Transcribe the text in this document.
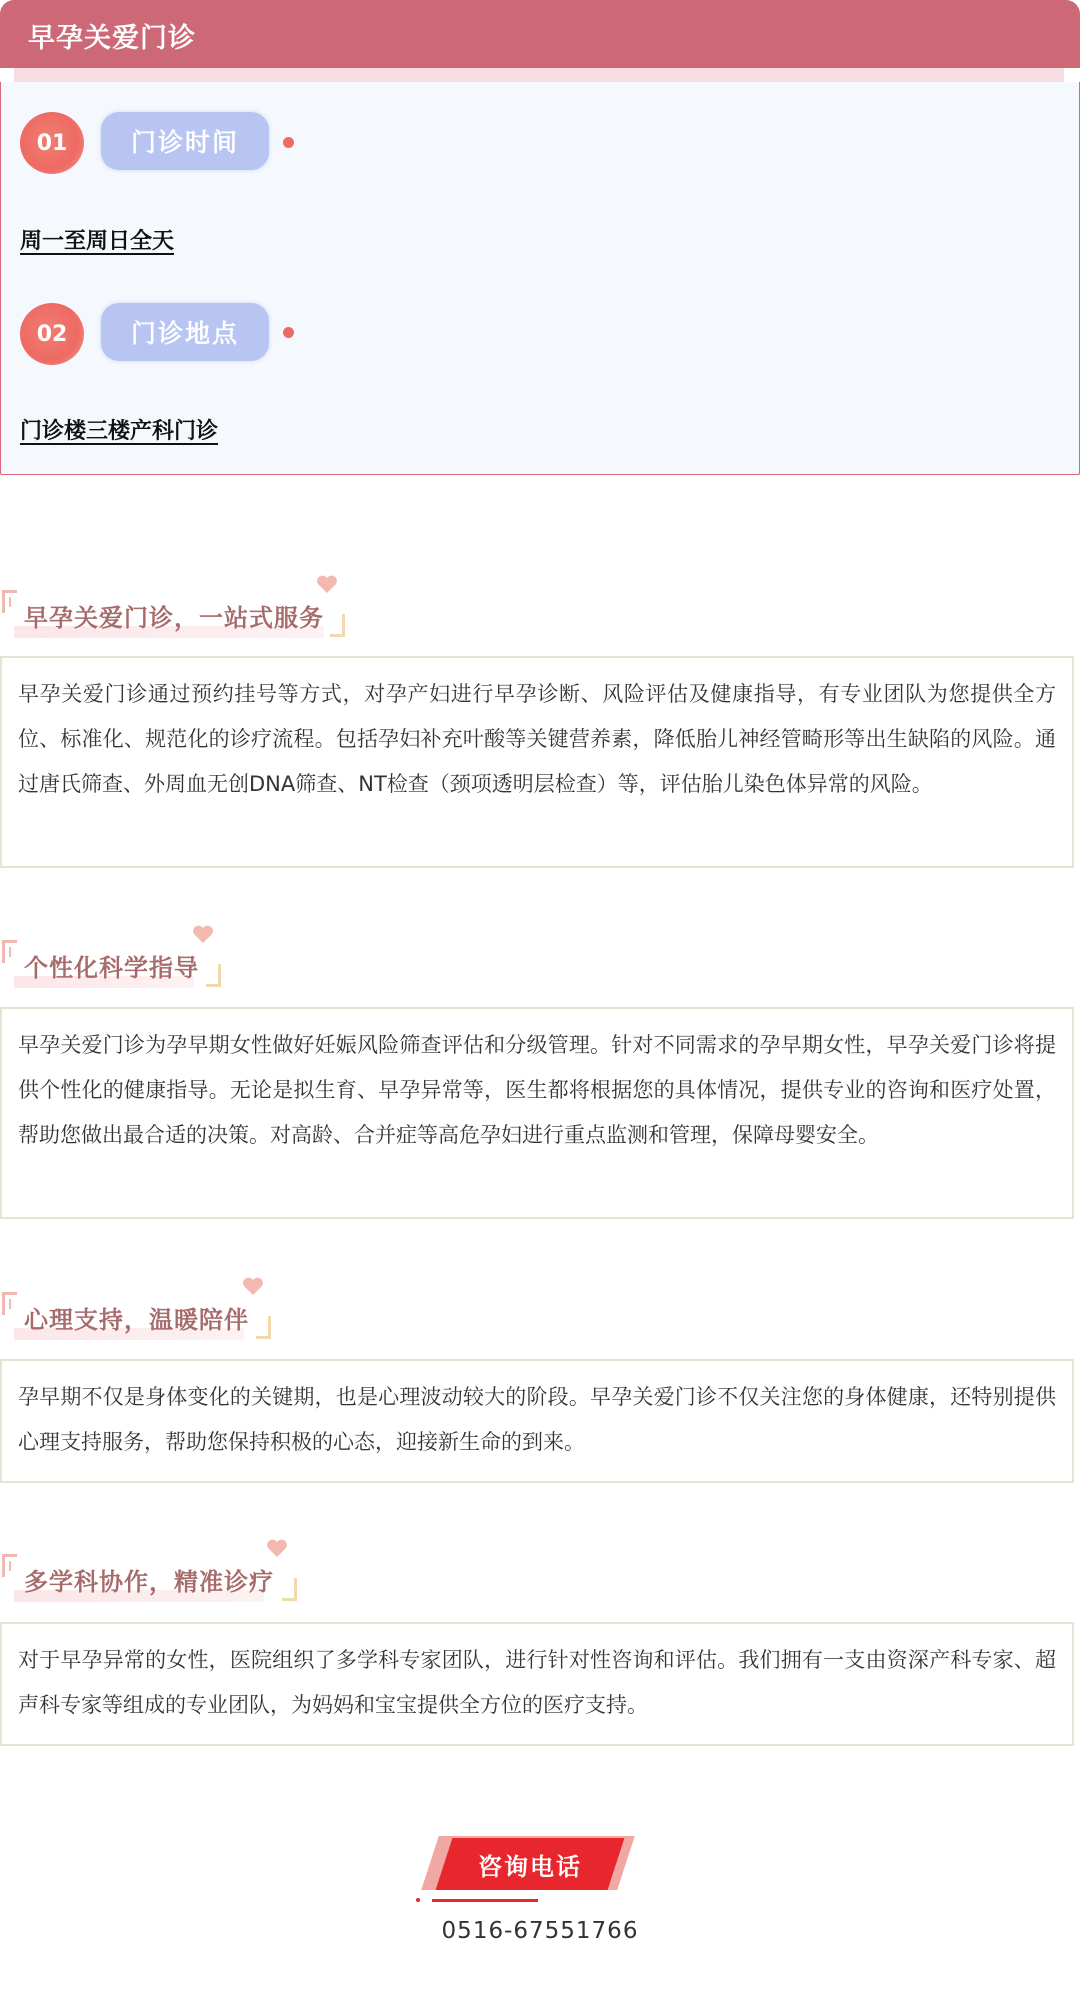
早孕关爱门诊
01	门诊时间
周一至周日全天
02	门诊地点
门诊楼三楼产科门诊
早孕关爱门诊，一站式服务

早孕关爱门诊通过预约挂号等方式，对孕产妇进行早孕诊断、风险评估及健康指导，有专业团队为您提供全方位、标准化、规范化的诊疗流程。包括孕妇补充叶酸等关键营养素，降低胎儿神经管畸形等出生缺陷的风险。通过唐氏筛查、外周血无创DNA筛查、NT检查（颈项透明层检查）等，评估胎儿染色体异常的风险。

个性化科学指导

早孕关爱门诊为孕早期女性做好妊娠风险筛查评估和分级管理。针对不同需求的孕早期女性，早孕关爱门诊将提供个性化的健康指导。无论是拟生育、早孕异常等，医生都将根据您的具体情况，提供专业的咨询和医疗处置，帮助您做出最合适的决策。对高龄、合并症等高危孕妇进行重点监测和管理，保障母婴安全。

心理支持，温暖陪伴

孕早期不仅是身体变化的关键期，也是心理波动较大的阶段。早孕关爱门诊不仅关注您的身体健康，还特别提供心理支持服务，帮助您保持积极的心态，迎接新生命的到来。

多学科协作，精准诊疗

对于早孕异常的女性，医院组织了多学科专家团队，进行针对性咨询和评估。我们拥有一支由资深产科专家、超声科专家等组成的专业团队，为妈妈和宝宝提供全方位的医疗支持。

咨询电话
0516-67551766
